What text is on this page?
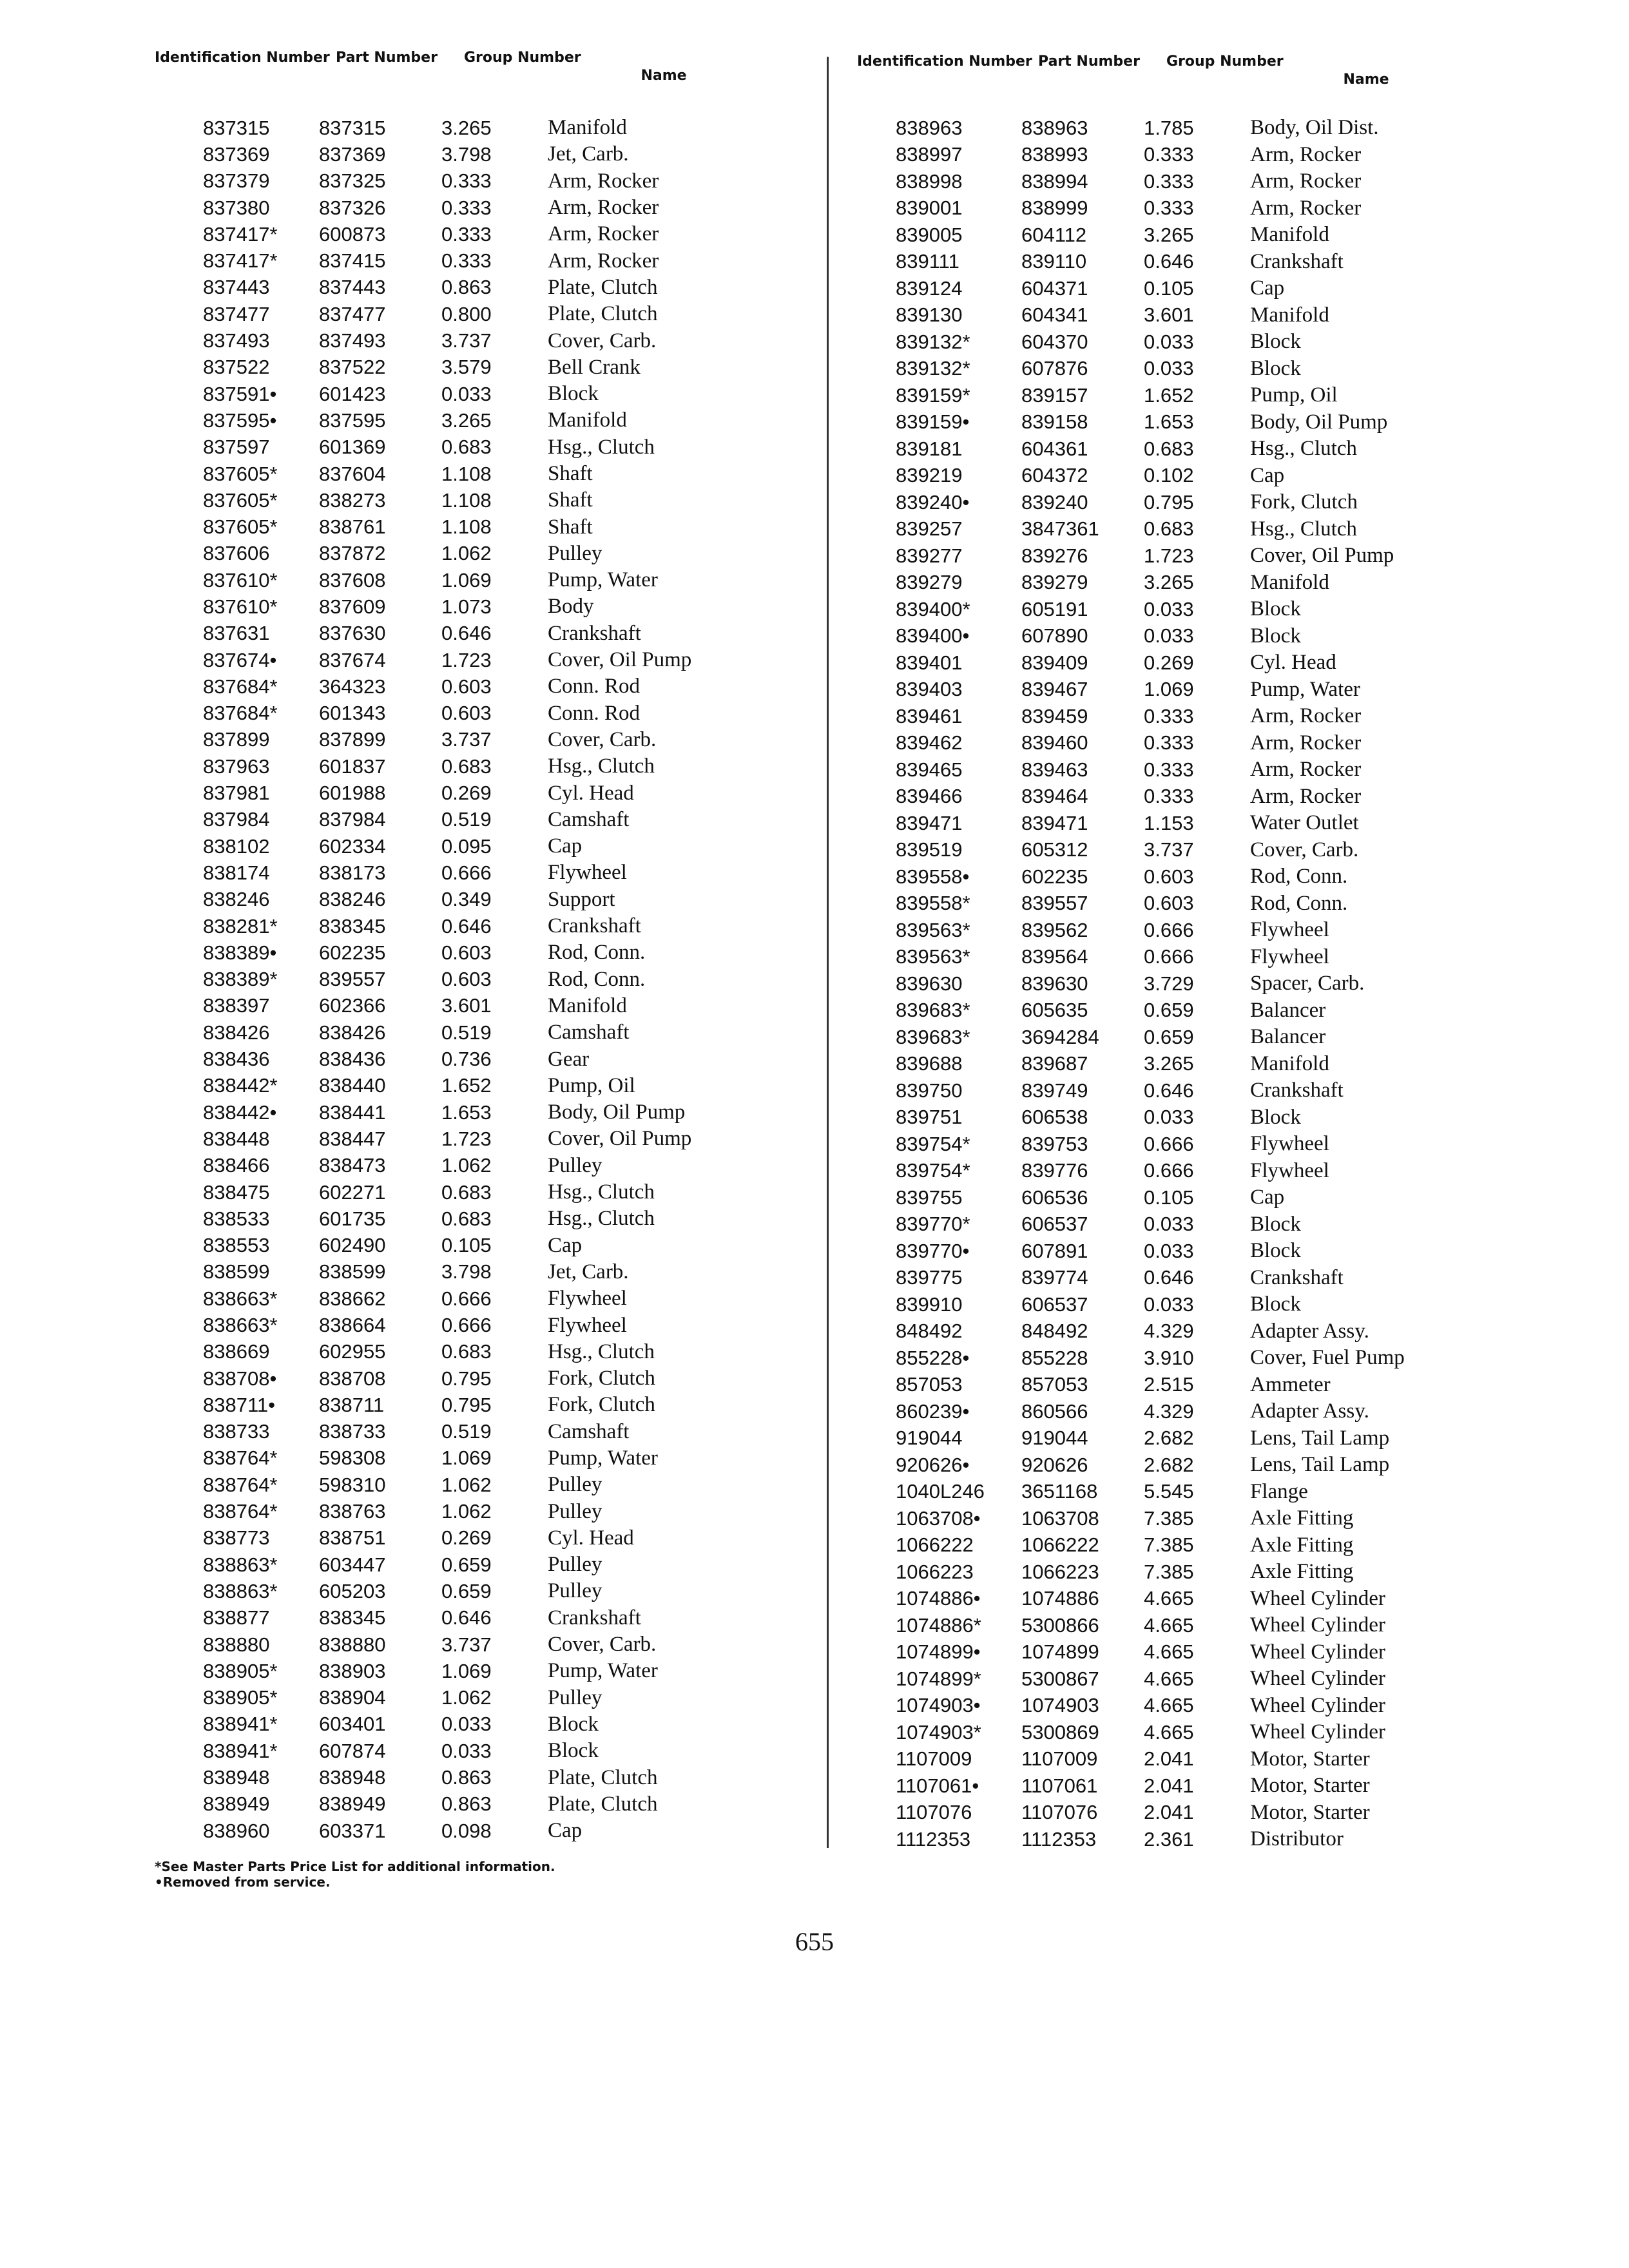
Identification Number Part Number Group Number
Name
837315	837315	3.265	Manifold
837369	837369	3.798	Jet, Carb.
837379	837325	0.333	Arm, Rocker
837380	837326	0.333	Arm, Rocker
837417*	600873	0.333	Arm, Rocker
837417*	837415	0.333	Arm, Rocker
837443	837443	0.863	Plate, Clutch
837477	837477	0.800	Plate, Clutch
837493	837493	3.737	Cover, Carb.
837522	837522	3.579	Bell Crank
837591•	601423	0.033	Block
837595•	837595	3.265	Manifold
837597	601369	0.683	Hsg., Clutch
837605*	837604	1.108	Shaft
837605*	838273	1.108	Shaft
837605*	838761	1.108	Shaft
837606	837872	1.062	Pulley
837610*	837608	1.069	Pump, Water
837610*	837609	1.073	Body
837631	837630	0.646	Crankshaft
837674•	837674	1.723	Cover, Oil Pump
837684*	364323	0.603	Conn. Rod
837684*	601343	0.603	Conn. Rod
837899	837899	3.737	Cover, Carb.
837963	601837	0.683	Hsg., Clutch
837981	601988	0.269	Cyl. Head
837984	837984	0.519	Camshaft
838102	602334	0.095	Cap
838174	838173	0.666	Flywheel
838246	838246	0.349	Support
838281*	838345	0.646	Crankshaft
838389•	602235	0.603	Rod, Conn.
838389*	839557	0.603	Rod, Conn.
838397	602366	3.601	Manifold
838426	838426	0.519	Camshaft
838436	838436	0.736	Gear
838442*	838440	1.652	Pump, Oil
838442•	838441	1.653	Body, Oil Pump
838448	838447	1.723	Cover, Oil Pump
838466	838473	1.062	Pulley
838475	602271	0.683	Hsg., Clutch
838533	601735	0.683	Hsg., Clutch
838553	602490	0.105	Cap
838599	838599	3.798	Jet, Carb.
838663*	838662	0.666	Flywheel
838663*	838664	0.666	Flywheel
838669	602955	0.683	Hsg., Clutch
838708•	838708	0.795	Fork, Clutch
838711•	838711	0.795	Fork, Clutch
838733	838733	0.519	Camshaft
838764*	598308	1.069	Pump, Water
838764*	598310	1.062	Pulley
838764*	838763	1.062	Pulley
838773	838751	0.269	Cyl. Head
838863*	603447	0.659	Pulley
838863*	605203	0.659	Pulley
838877	838345	0.646	Crankshaft
838880	838880	3.737	Cover, Carb.
838905*	838903	1.069	Pump, Water
838905*	838904	1.062	Pulley
838941*	603401	0.033	Block
838941*	607874	0.033	Block
838948	838948	0.863	Plate, Clutch
838949	838949	0.863	Plate, Clutch
838960	603371	0.098	Cap
Identification Number Part Number Group Number
Name
838963	838963	1.785	Body, Oil Dist.
838997	838993	0.333	Arm, Rocker
838998	838994	0.333	Arm, Rocker
839001	838999	0.333	Arm, Rocker
839005	604112	3.265	Manifold
839111	839110	0.646	Crankshaft
839124	604371	0.105	Cap
839130	604341	3.601	Manifold
839132*	604370	0.033	Block
839132*	607876	0.033	Block
839159*	839157	1.652	Pump, Oil
839159•	839158	1.653	Body, Oil Pump
839181	604361	0.683	Hsg., Clutch
839219	604372	0.102	Cap
839240•	839240	0.795	Fork, Clutch
839257	3847361	0.683	Hsg., Clutch
839277	839276	1.723	Cover, Oil Pump
839279	839279	3.265	Manifold
839400*	605191	0.033	Block
839400•	607890	0.033	Block
839401	839409	0.269	Cyl. Head
839403	839467	1.069	Pump, Water
839461	839459	0.333	Arm, Rocker
839462	839460	0.333	Arm, Rocker
839465	839463	0.333	Arm, Rocker
839466	839464	0.333	Arm, Rocker
839471	839471	1.153	Water Outlet
839519	605312	3.737	Cover, Carb.
839558•	602235	0.603	Rod, Conn.
839558*	839557	0.603	Rod, Conn.
839563*	839562	0.666	Flywheel
839563*	839564	0.666	Flywheel
839630	839630	3.729	Spacer, Carb.
839683*	605635	0.659	Balancer
839683*	3694284	0.659	Balancer
839688	839687	3.265	Manifold
839750	839749	0.646	Crankshaft
839751	606538	0.033	Block
839754*	839753	0.666	Flywheel
839754*	839776	0.666	Flywheel
839755	606536	0.105	Cap
839770*	606537	0.033	Block
839770•	607891	0.033	Block
839775	839774	0.646	Crankshaft
839910	606537	0.033	Block
848492	848492	4.329	Adapter Assy.
855228•	855228	3.910	Cover, Fuel Pump
857053	857053	2.515	Ammeter
860239•	860566	4.329	Adapter Assy.
919044	919044	2.682	Lens, Tail Lamp
920626•	920626	2.682	Lens, Tail Lamp
1040L246	3651168	5.545	Flange
1063708•	1063708	7.385	Axle Fitting
1066222	1066222	7.385	Axle Fitting
1066223	1066223	7.385	Axle Fitting
1074886•	1074886	4.665	Wheel Cylinder
1074886*	5300866	4.665	Wheel Cylinder
1074899•	1074899	4.665	Wheel Cylinder
1074899*	5300867	4.665	Wheel Cylinder
1074903•	1074903	4.665	Wheel Cylinder
1074903*	5300869	4.665	Wheel Cylinder
1107009	1107009	2.041	Motor, Starter
1107061•	1107061	2.041	Motor, Starter
1107076	1107076	2.041	Motor, Starter
1112353	1112353	2.361	Distributor
*See Master Parts Price List for additional information.
•Removed from service.
655
